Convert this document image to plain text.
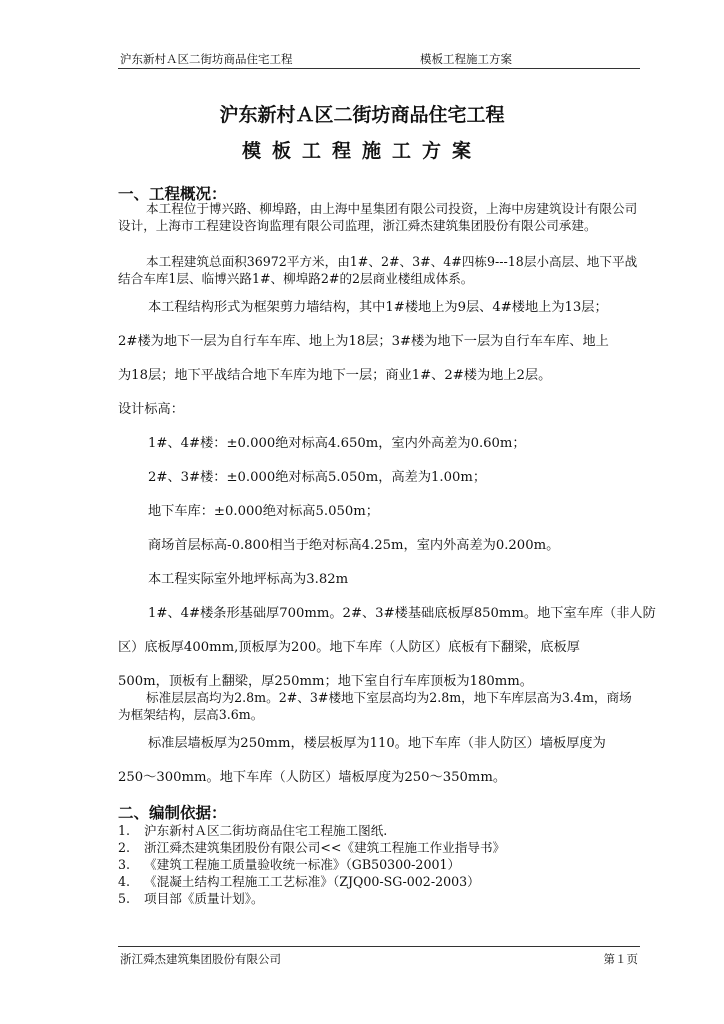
沪东新村Ａ区二街坊商品住宅工程	模板工程施工方案
沪东新村Ａ区二街坊商品住宅工程
模板工程施工方案
一、工程概况：
本工程位于博兴路、柳埠路，由上海中星集团有限公司投资，上海中房建筑设计有限公司设计，上海市工程建设咨询监理有限公司监理，浙江舜杰建筑集团股份有限公司承建。
本工程建筑总面积36972平方米，由1#、2#、3#、4#四栋9---18层小高层、地下平战结合车库1层、临博兴路1#、柳埠路2#的2层商业楼组成体系。
本工程结构形式为框架剪力墙结构，其中1#楼地上为9层、4#楼地上为13层；
2#楼为地下一层为自行车车库、地上为18层；3#楼为地下一层为自行车车库、地上
为18层；地下平战结合地下车库为地下一层；商业1#、2#楼为地上2层。
设计标高：
1#、4#楼：±0.000绝对标高4.650m，室内外高差为0.60m；
2#、3#楼：±0.000绝对标高5.050m，高差为1.00m；
地下车库：±0.000绝对标高5.050m；
商场首层标高-0.800相当于绝对标高4.25m，室内外高差为0.200m。
本工程实际室外地坪标高为3.82m
1#、4#楼条形基础厚700mm。2#、3#楼基础底板厚850mm。地下室车库（非人防
区）底板厚400mm,顶板厚为200。地下车库（人防区）底板有下翻梁，底板厚
500m，顶板有上翻梁，厚250mm；地下室自行车库顶板为180mm。
标准层层高均为2.8m。2#、3#楼地下室层高均为2.8m，地下车库层高为3.4m，商场为框架结构，层高3.6m。
标准层墙板厚为250mm，楼层板厚为110。地下车库（非人防区）墙板厚度为
250～300mm。地下车库（人防区）墙板厚度为250～350mm。
二、编制依据：
1. 沪东新村Ａ区二街坊商品住宅工程施工图纸.
2. 浙江舜杰建筑集团股份有限公司<<《建筑工程施工作业指导书》
3. 《建筑工程施工质量验收统一标准》（GB50300-2001）
4. 《混凝土结构工程施工工艺标准》（ZJQ00-SG-002-2003）
5. 项目部《质量计划》。
浙江舜杰建筑集团股份有限公司	第１页
